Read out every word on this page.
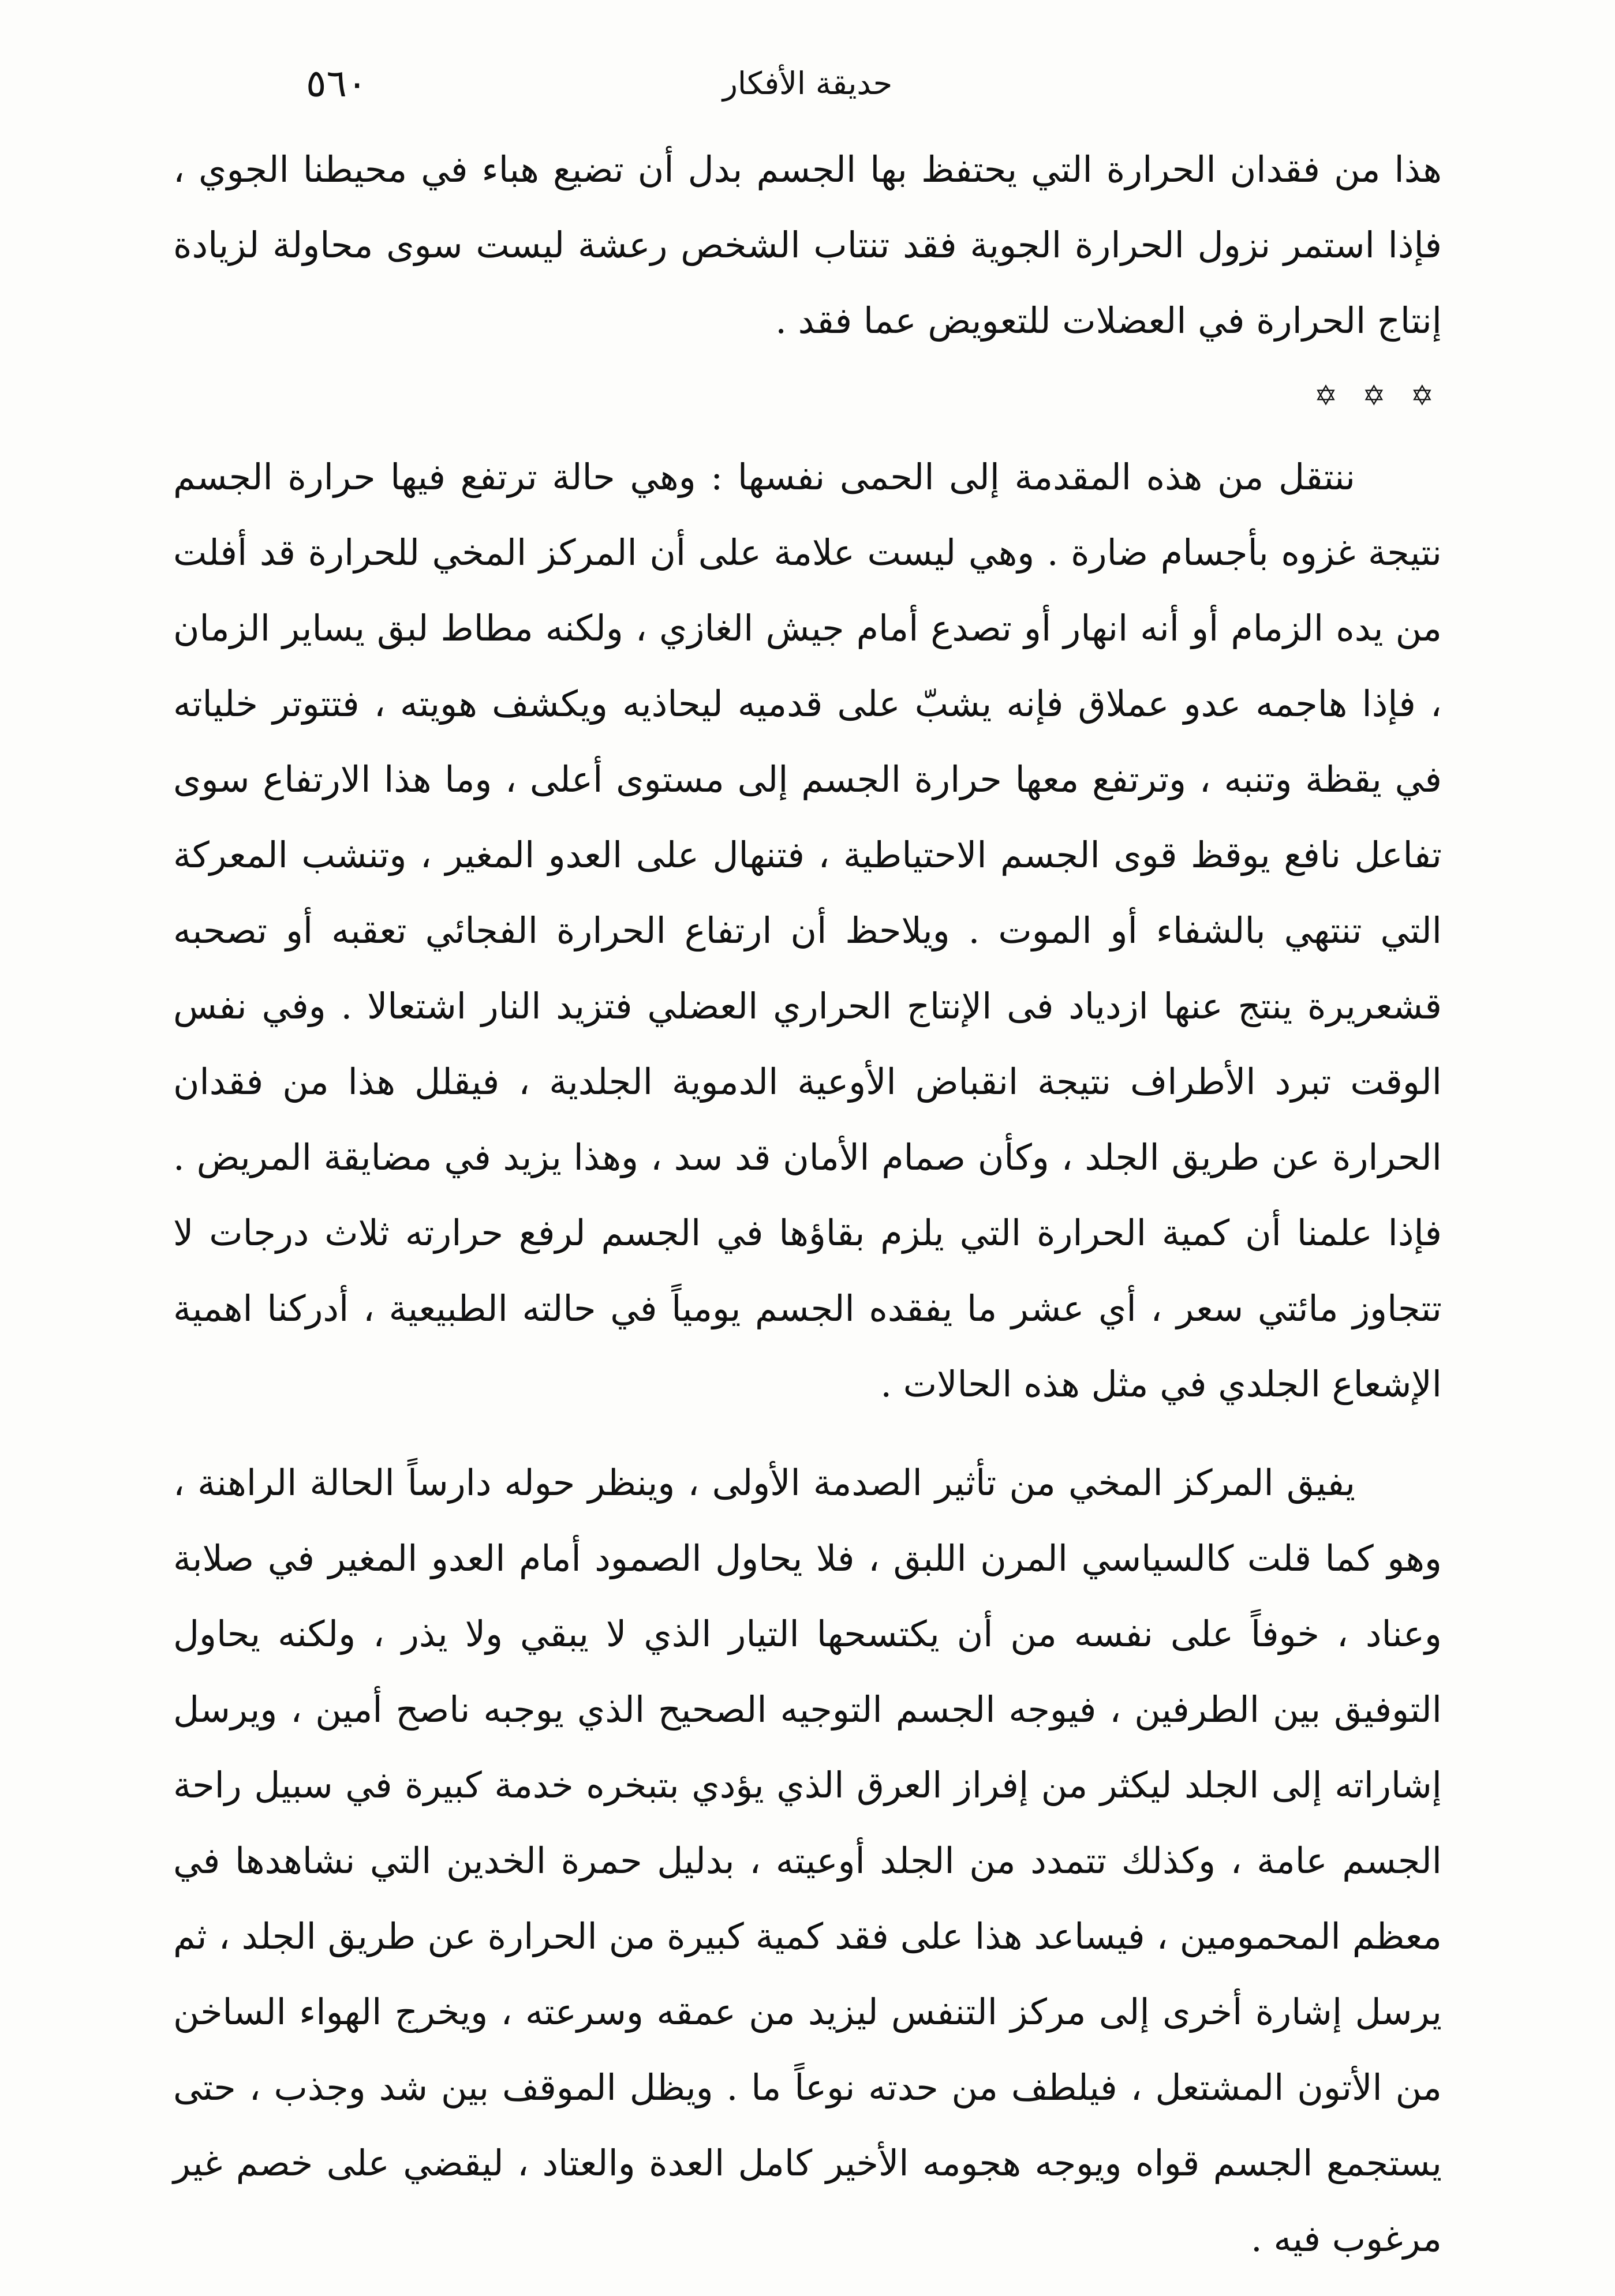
٥٦٠	حديقة الأفكار

هذا من فقدان الحرارة التي يحتفظ بها الجسم بدل أن تضيع هباء في محيطنا الجوي ، فإذا استمر نزول الحرارة الجوية فقد تنتاب الشخص رعشة ليست سوى محاولة لزيادة إنتاج الحرارة في العضلات للتعويض عما فقد .

✡ ✡ ✡

ننتقل من هذه المقدمة إلى الحمى نفسها : وهي حالة ترتفع فيها حرارة الجسم نتيجة غزوه بأجسام ضارة . وهي ليست علامة على أن المركز المخي للحرارة قد أفلت من يده الزمام أو أنه انهار أو تصدع أمام جيش الغازي ، ولكنه مطاط لبق يساير الزمان ، فإذا هاجمه عدو عملاق فإنه يشبّ على قدميه ليحاذيه ويكشف هويته ، فتتوتر خلياته في يقظة وتنبه ، وترتفع معها حرارة الجسم إلى مستوى أعلى ، وما هذا الارتفاع سوى تفاعل نافع يوقظ قوى الجسم الاحتياطية ، فتنهال على العدو المغير ، وتنشب المعركة التي تنتهي بالشفاء أو الموت . ويلاحظ أن ارتفاع الحرارة الفجائي تعقبه أو تصحبه قشعريرة ينتج عنها ازدياد فى الإنتاج الحراري العضلي فتزيد النار اشتعالا . وفي نفس الوقت تبرد الأطراف نتيجة انقباض الأوعية الدموية الجلدية ، فيقلل هذا من فقدان الحرارة عن طريق الجلد ، وكأن صمام الأمان قد سد ، وهذا يزيد في مضايقة المريض . فإذا علمنا أن كمية الحرارة التي يلزم بقاؤها في الجسم لرفع حرارته ثلاث درجات لا تتجاوز مائتي سعر ، أي عشر ما يفقده الجسم يومياً في حالته الطبيعية ، أدركنا اهمية الإشعاع الجلدي في مثل هذه الحالات .

يفيق المركز المخي من تأثير الصدمة الأولى ، وينظر حوله دارساً الحالة الراهنة ، وهو كما قلت كالسياسي المرن اللبق ، فلا يحاول الصمود أمام العدو المغير في صلابة وعناد ، خوفاً على نفسه من أن يكتسحها التيار الذي لا يبقي ولا يذر ، ولكنه يحاول التوفيق بين الطرفين ، فيوجه الجسم التوجيه الصحيح الذي يوجبه ناصح أمين ، ويرسل إشاراته إلى الجلد ليكثر من إفراز العرق الذي يؤدي بتبخره خدمة كبيرة في سبيل راحة الجسم عامة ، وكذلك تتمدد من الجلد أوعيته ، بدليل حمرة الخدين التي نشاهدها في معظم المحمومين ، فيساعد هذا على فقد كمية كبيرة من الحرارة عن طريق الجلد ، ثم يرسل إشارة أخرى إلى مركز التنفس ليزيد من عمقه وسرعته ، ويخرج الهواء الساخن من الأتون المشتعل ، فيلطف من حدته نوعاً ما . ويظل الموقف بين شد وجذب ، حتى يستجمع الجسم قواه ويوجه هجومه الأخير كامل العدة والعتاد ، ليقضي على خصم غير مرغوب فيه .
